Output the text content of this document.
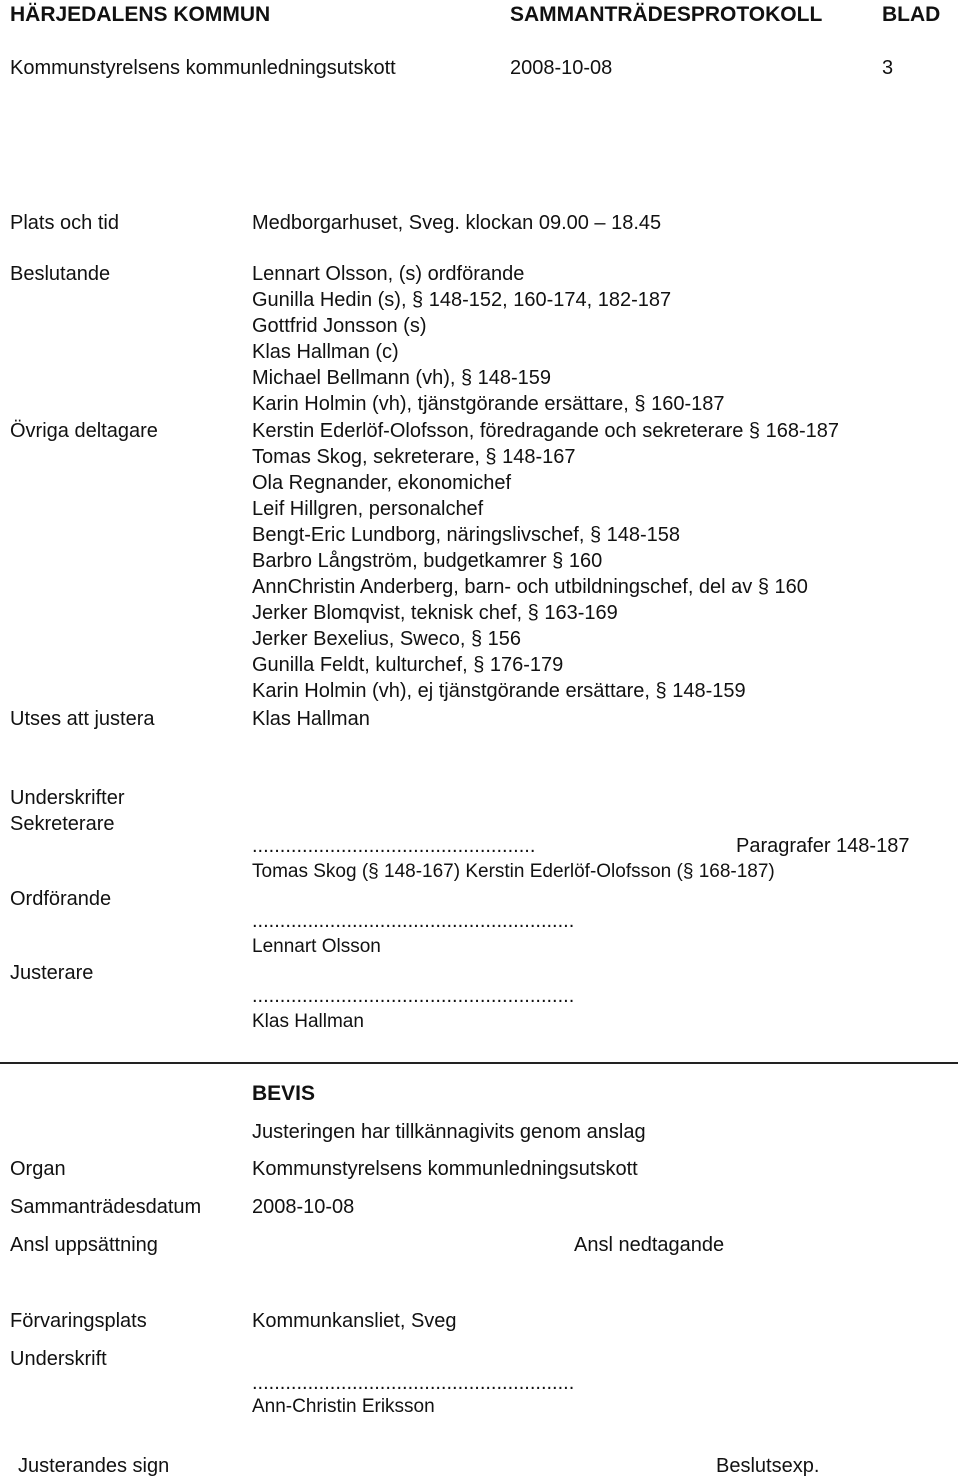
HÄRJEDALENS KOMMUN	SAMMANTRÄDESPROTOKOLL	BLAD
Kommunstyrelsens kommunledningsutskott	2008-10-08	3
Plats och tid	Medborgarhuset, Sveg. klockan 09.00 – 18.45
Beslutande	Lennart Olsson, (s) ordförande
Gunilla Hedin (s), § 148-152, 160-174, 182-187
Gottfrid Jonsson (s)
Klas Hallman (c)
Michael Bellmann (vh), § 148-159
Karin Holmin (vh), tjänstgörande ersättare, § 160-187
Övriga deltagare	Kerstin Ederlöf-Olofsson, föredragande och sekreterare § 168-187
Tomas Skog, sekreterare, § 148-167
Ola Regnander, ekonomichef
Leif Hillgren, personalchef
Bengt-Eric Lundborg, näringslivschef, § 148-158
Barbro Långström, budgetkamrer § 160
AnnChristin Anderberg, barn- och utbildningschef, del av § 160
Jerker Blomqvist, teknisk chef, § 163-169
Jerker Bexelius, Sweco, § 156
Gunilla Feldt, kulturchef, § 176-179
Karin Holmin (vh), ej tjänstgörande ersättare, § 148-159
Utses att justera	Klas Hallman
Underskrifter
Sekreterare
...................................................	Paragrafer 148-187
Tomas Skog (§ 148-167) Kerstin Ederlöf-Olofsson (§ 168-187)
Ordförande
..........................................................
Lennart Olsson
Justerare
..........................................................
Klas Hallman
BEVIS
Justeringen har tillkännagivits genom anslag
Organ	Kommunstyrelsens kommunledningsutskott
Sammanträdesdatum	2008-10-08
Ansl uppsättning	Ansl nedtagande
Förvaringsplats	Kommunkansliet, Sveg
Underskrift
..........................................................
Ann-Christin Eriksson
Justerandes sign	Beslutsexp.
